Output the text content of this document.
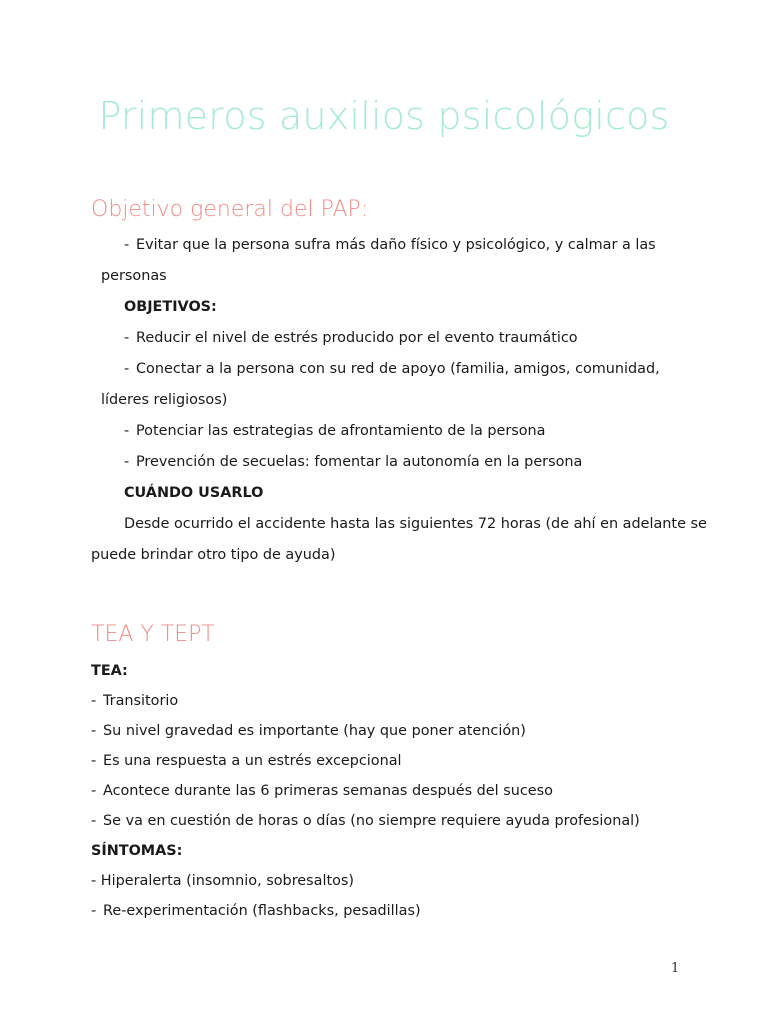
Primeros auxilios psicológicos
Objetivo general del PAP:
- Evitar que la persona sufra más daño físico y psicológico, y calmar a las
personas
OBJETIVOS:
- Reducir el nivel de estrés producido por el evento traumático
- Conectar a la persona con su red de apoyo (familia, amigos, comunidad,
líderes religiosos)
- Potenciar las estrategias de afrontamiento de la persona
- Prevención de secuelas: fomentar la autonomía en la persona
CUÁNDO USARLO
Desde ocurrido el accidente hasta las siguientes 72 horas (de ahí en adelante se
puede brindar otro tipo de ayuda)
TEA Y TEPT
TEA:
- Transitorio
- Su nivel gravedad es importante (hay que poner atención)
- Es una respuesta a un estrés excepcional
- Acontece durante las 6 primeras semanas después del suceso
- Se va en cuestión de horas o días (no siempre requiere ayuda profesional)
SÍNTOMAS:
- Hiperalerta (insomnio, sobresaltos)
- Re-experimentación (flashbacks, pesadillas)
1
